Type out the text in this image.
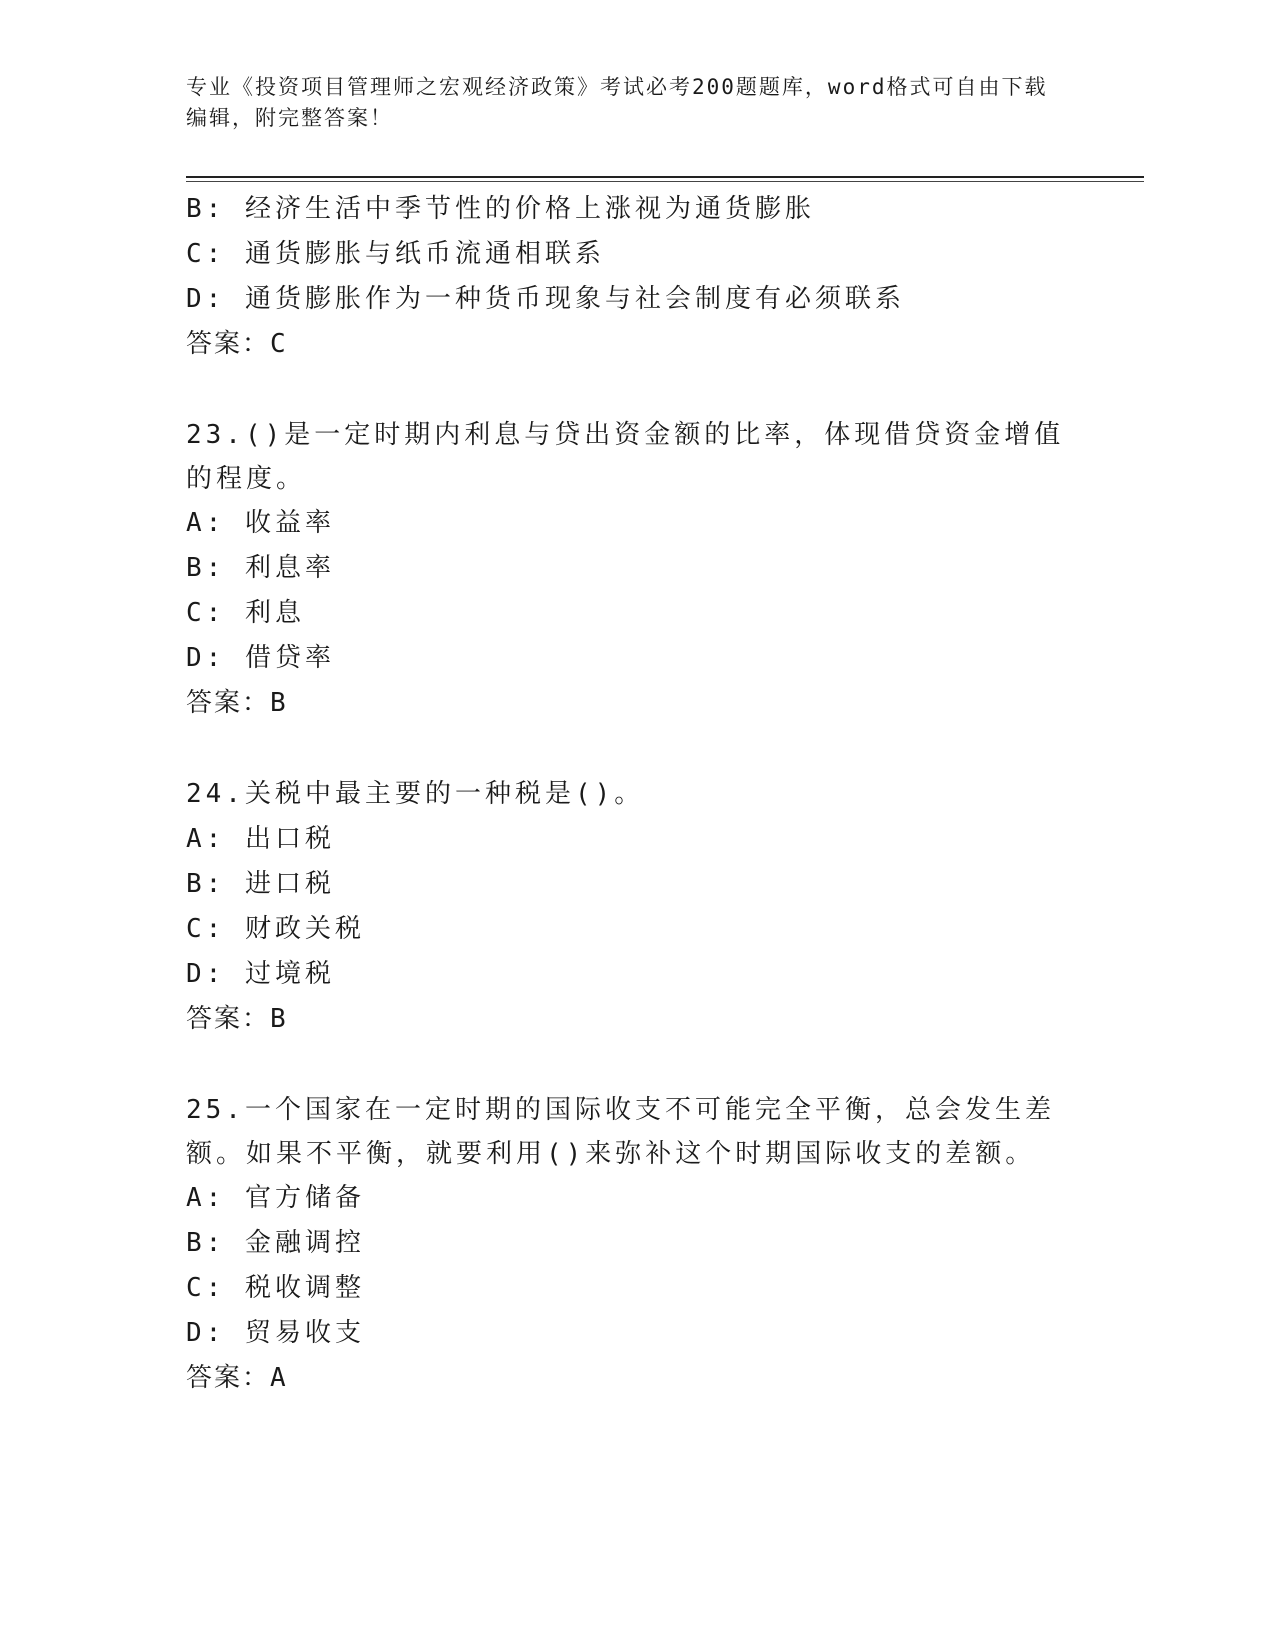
专业《投资项目管理师之宏观经济政策》考试必考200题题库，word格式可自由下载编辑，附完整答案！
B: 经济生活中季节性的价格上涨视为通货膨胀
C: 通货膨胀与纸币流通相联系
D: 通货膨胀作为一种货币现象与社会制度有必须联系
答案：C
23.()是一定时期内利息与贷出资金额的比率，体现借贷资金增值的程度。
A: 收益率
B: 利息率
C: 利息
D: 借贷率
答案：B
24.关税中最主要的一种税是()。
A: 出口税
B: 进口税
C: 财政关税
D: 过境税
答案：B
25.一个国家在一定时期的国际收支不可能完全平衡，总会发生差额。如果不平衡，就要利用()来弥补这个时期国际收支的差额。
A: 官方储备
B: 金融调控
C: 税收调整
D: 贸易收支
答案：A
